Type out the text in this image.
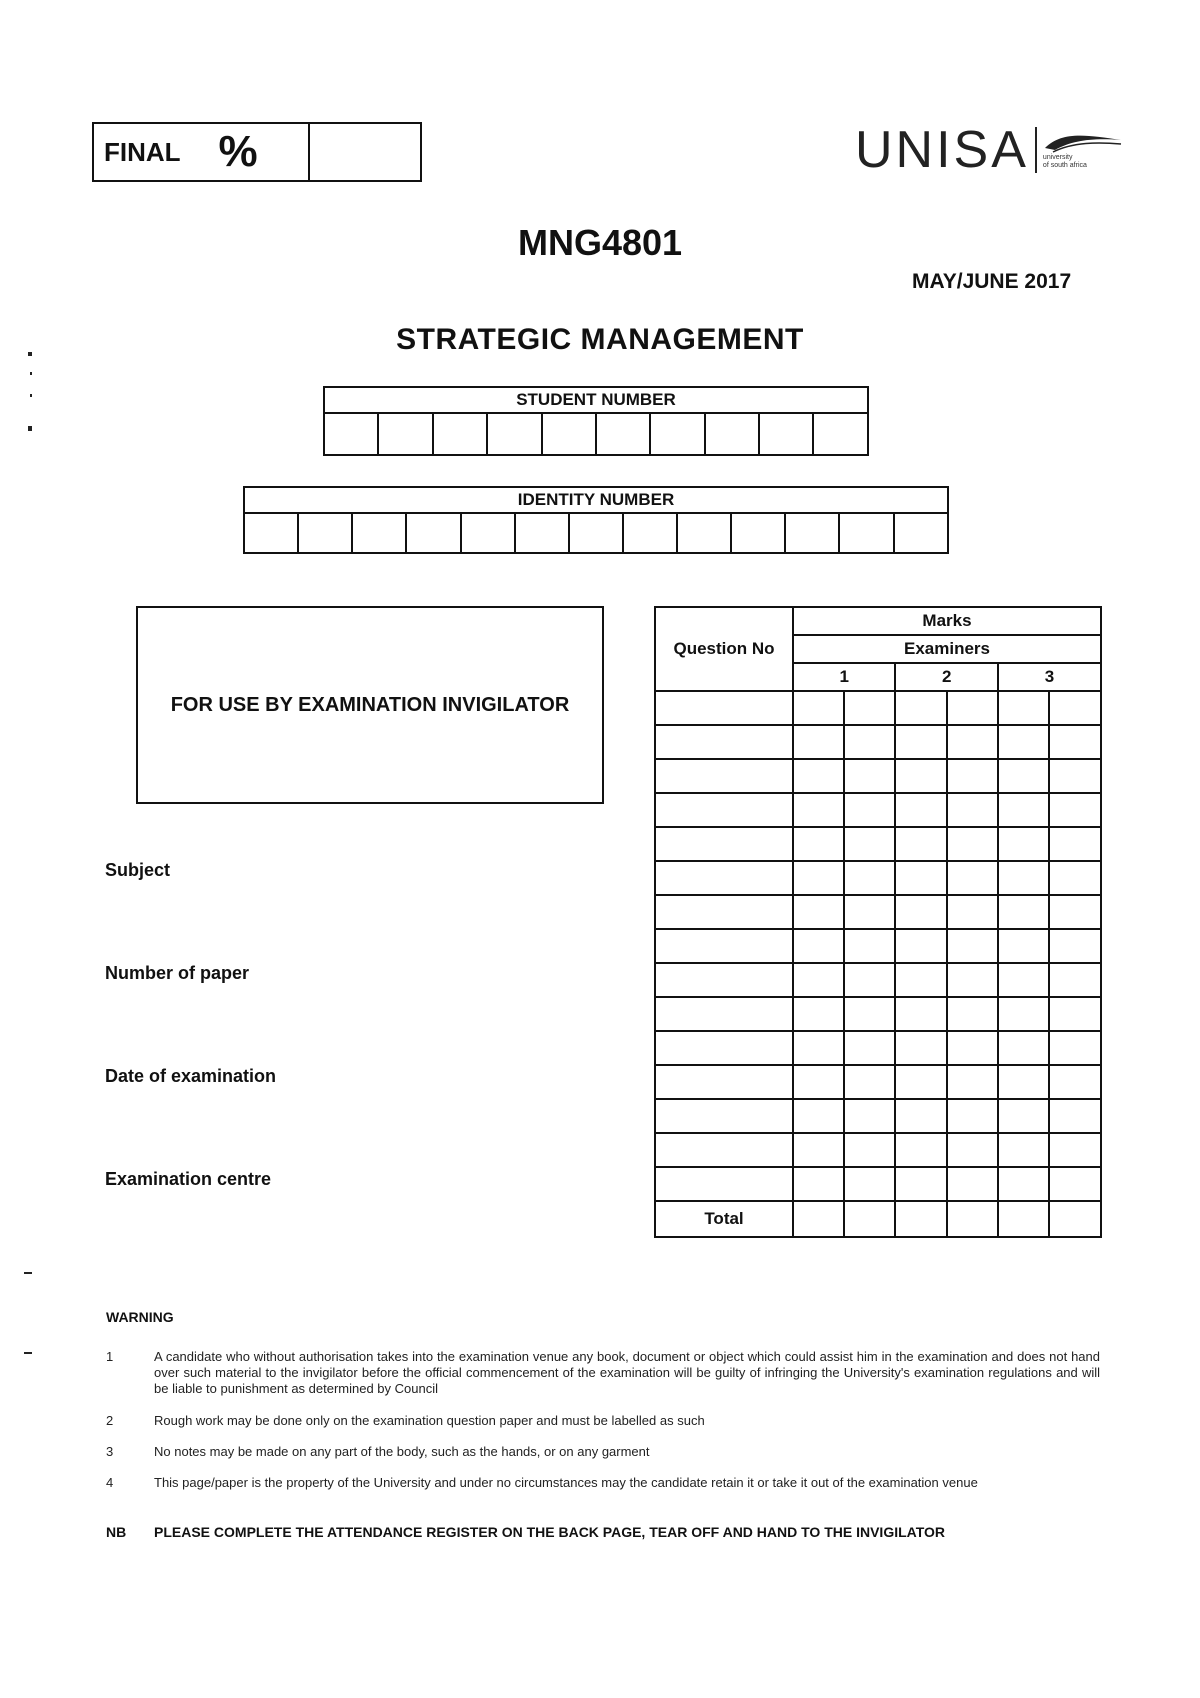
FINAL %	UNISA university
of south africa
MNG4801
MAY/JUNE 2017
STRATEGIC MANAGEMENT
STUDENT NUMBER

IDENTITY NUMBER

FOR USE BY EXAMINATION INVIGILATOR
Subject
Number of paper
Date of examination
Examination centre
Question No	Marks					
	Examiners					
	1		2		3	

Total						
WARNING
1	A candidate who without authorisation takes into the examination venue any book, document or object which could assist him in the examination and does not hand over such material to the invigilator before the official commencement of the examination will be guilty of infringing the University's examination regulations and will be liable to punishment as determined by Council
2	Rough work may be done only on the examination question paper and must be labelled as such
3	No notes may be made on any part of the body, such as the hands, or on any garment
4	This page/paper is the property of the University and under no circumstances may the candidate retain it or take it out of the examination venue
NB	PLEASE COMPLETE THE ATTENDANCE REGISTER ON THE BACK PAGE, TEAR OFF AND HAND TO THE INVIGILATOR
